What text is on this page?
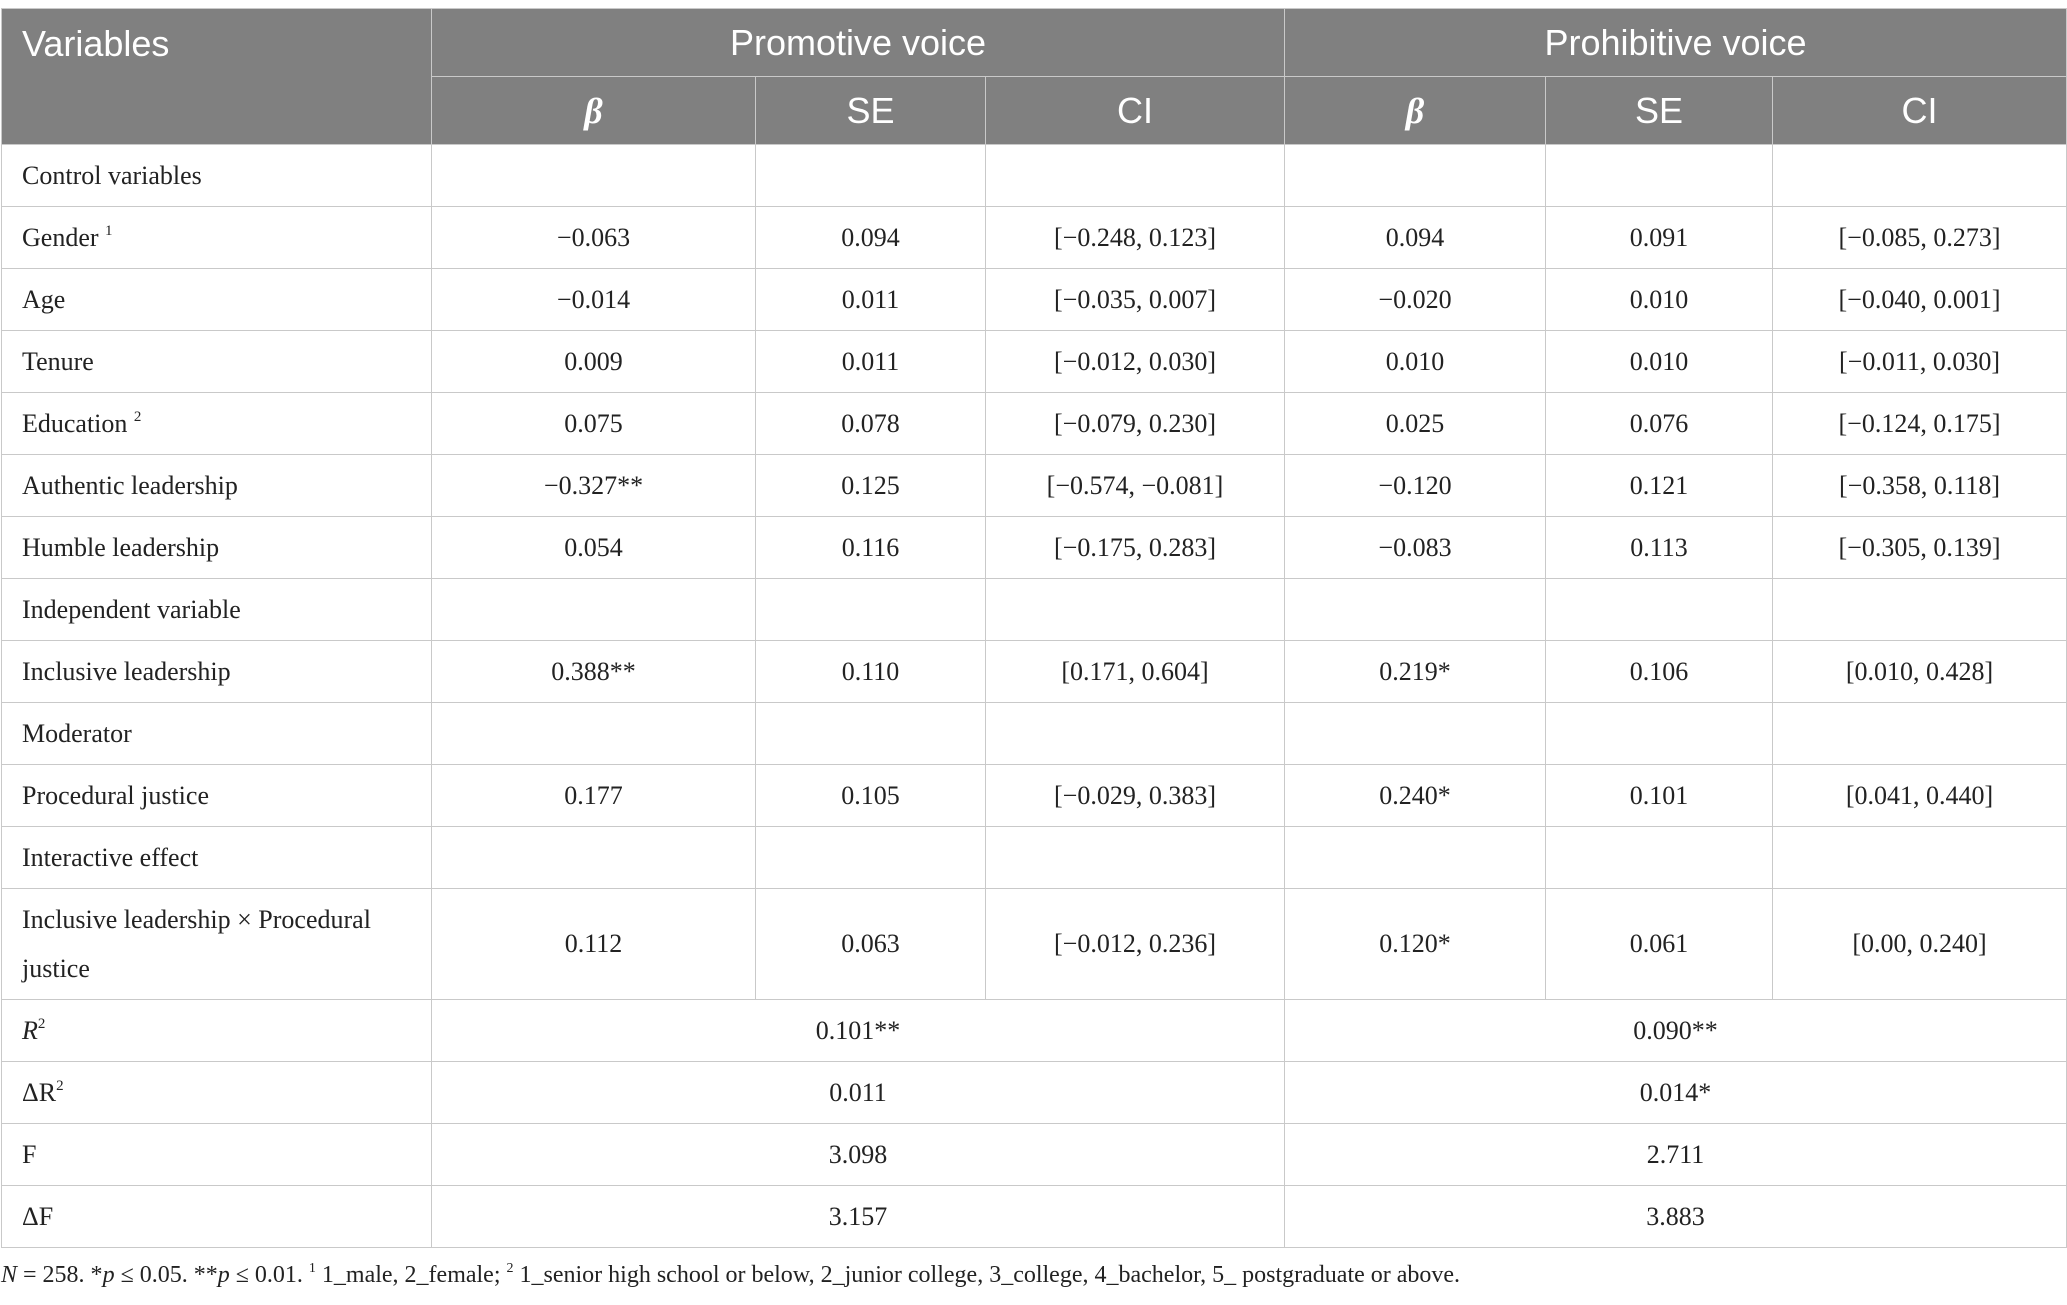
Variables	Promotive voice			Prohibitive voice		
	β	SE	CI	β	SE	CI
Control variables						
Gender $^1$	−0.063	0.094	[−0.248, 0.123]	0.094	0.091	[−0.085, 0.273]
Age	−0.014	0.011	[−0.035, 0.007]	−0.020	0.010	[−0.040, 0.001]
Tenure	0.009	0.011	[−0.012, 0.030]	0.010	0.010	[−0.011, 0.030]
Education $^2$	0.075	0.078	[−0.079, 0.230]	0.025	0.076	[−0.124, 0.175]
Authentic leadership	−0.327**	0.125	[−0.574, −0.081]	−0.120	0.121	[−0.358, 0.118]
Humble leadership	0.054	0.116	[−0.175, 0.283]	−0.083	0.113	[−0.305, 0.139]
Independent variable						
Inclusive leadership	0.388**	0.110	[0.171, 0.604]	0.219*	0.106	[0.010, 0.428]
Moderator						
Procedural justice	0.177	0.105	[−0.029, 0.383]	0.240*	0.101	[0.041, 0.440]
Interactive effect						
Inclusive leadership × Procedural justice	0.112	0.063	[−0.012, 0.236]	0.120*	0.061	[0.00, 0.240]
$R^2$	0.101**			0.090**		
$\Delta R^2$	0.011			0.014*		
F	3.098			2.711		
ΔF	3.157			3.883		
N = 258. *p ≤ 0.05. **p ≤ 0.01. $^1$ 1_male, 2_female; $^2$ 1_senior high school or below, 2_junior college, 3_college, 4_bachelor, 5_ postgraduate or above.
